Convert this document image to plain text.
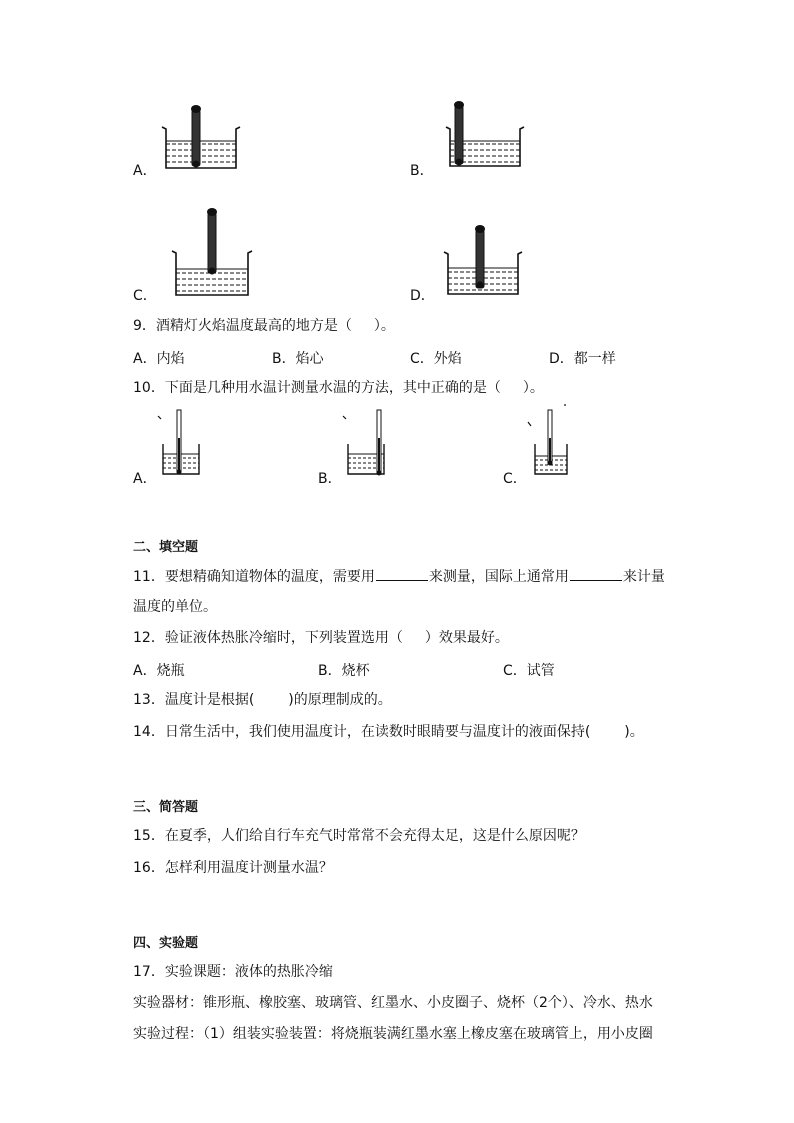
A．	B．
C．	D．
9．酒精灯火焰温度最高的地方是（ ）。
A．内焰	B．焰心	C．外焰	D．都一样
10．下面是几种用水温计测量水温的方法，其中正确的是（ ）。
A．	B．	C．
二、填空题
11．要想精确知道物体的温度，需要用	来测量，国际上通常用	来计量
温度的单位。
12．验证液体热胀冷缩时，下列装置选用（ ）效果最好。
A．烧瓶	B．烧杯	C．试管
13．温度计是根据( )的原理制成的。
14．日常生活中，我们使用温度计，在读数时眼睛要与温度计的液面保持( )。
三、简答题
15．在夏季，人们给自行车充气时常常不会充得太足，这是什么原因呢？
16．怎样利用温度计测量水温？
四、实验题
17．实验课题：液体的热胀冷缩
实验器材：锥形瓶、橡胶塞、玻璃管、红墨水、小皮圈子、烧杯（2个）、冷水、热水
实验过程：（1）组装实验装置：将烧瓶装满红墨水塞上橡皮塞在玻璃管上，用小皮圈
